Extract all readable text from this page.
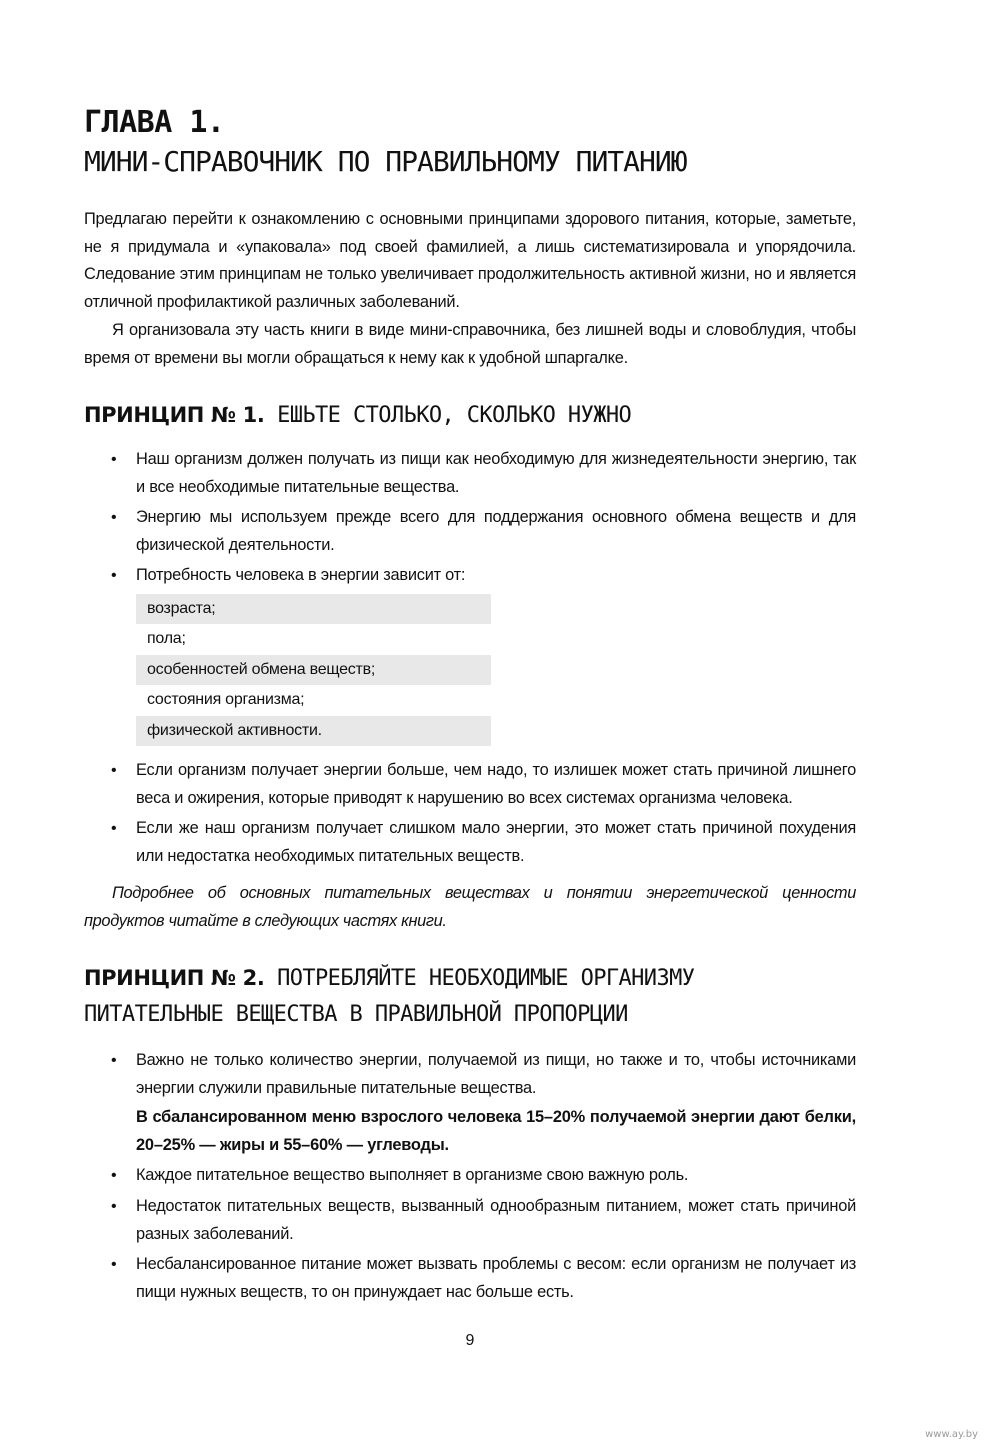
ГЛАВА 1.
МИНИ-СПРАВОЧНИК ПО ПРАВИЛЬНОМУ ПИТАНИЮ

Предлагаю перейти к ознакомлению с основными принципами здорового питания, которые, заметьте, не я придумала и «упаковала» под своей фамилией, а лишь систематизировала и упорядочила. Следование этим принципам не только увеличивает продолжительность активной жизни, но и является отличной профилактикой различных заболеваний.

Я организовала эту часть книги в виде мини-справочника, без лишней воды и словоблудия, чтобы время от времени вы могли обращаться к нему как к удобной шпаргалке.

ПРИНЦИП № 1. ЕШЬТЕ СТОЛЬКО, СКОЛЬКО НУЖНО
• Наш организм должен получать из пищи как необходимую для жизнедеятельности энергию, так и все необходимые питательные вещества.
• Энергию мы используем прежде всего для поддержания основного обмена веществ и для физической деятельности.
• Потребность человека в энергии зависит от:
возраста;
пола;
особенностей обмена веществ;
состояния организма;
физической активности.
• Если организм получает энергии больше, чем надо, то излишек может стать причиной лишнего веса и ожирения, которые приводят к нарушению во всех системах организма человека.
• Если же наш организм получает слишком мало энергии, это может стать причиной похудения или недостатка необходимых питательных веществ.

Подробнее об основных питательных веществах и понятии энергетической ценности продуктов читайте в следующих частях книги.

ПРИНЦИП № 2. ПОТРЕБЛЯЙТЕ НЕОБХОДИМЫЕ ОРГАНИЗМУ
ПИТАТЕЛЬНЫЕ ВЕЩЕСТВА В ПРАВИЛЬНОЙ ПРОПОРЦИИ
• Важно не только количество энергии, получаемой из пищи, но также и то, чтобы источниками энергии служили правильные питательные вещества.
В сбалансированном меню взрослого человека 15–20% получаемой энергии дают белки, 20–25% — жиры и 55–60% — углеводы.
• Каждое питательное вещество выполняет в организме свою важную роль.
• Недостаток питательных веществ, вызванный однообразным питанием, может стать причиной разных заболеваний.
• Несбалансированное питание может вызвать проблемы с весом: если организм не получает из пищи нужных веществ, то он принуждает нас больше есть.
9
www.ay.by
